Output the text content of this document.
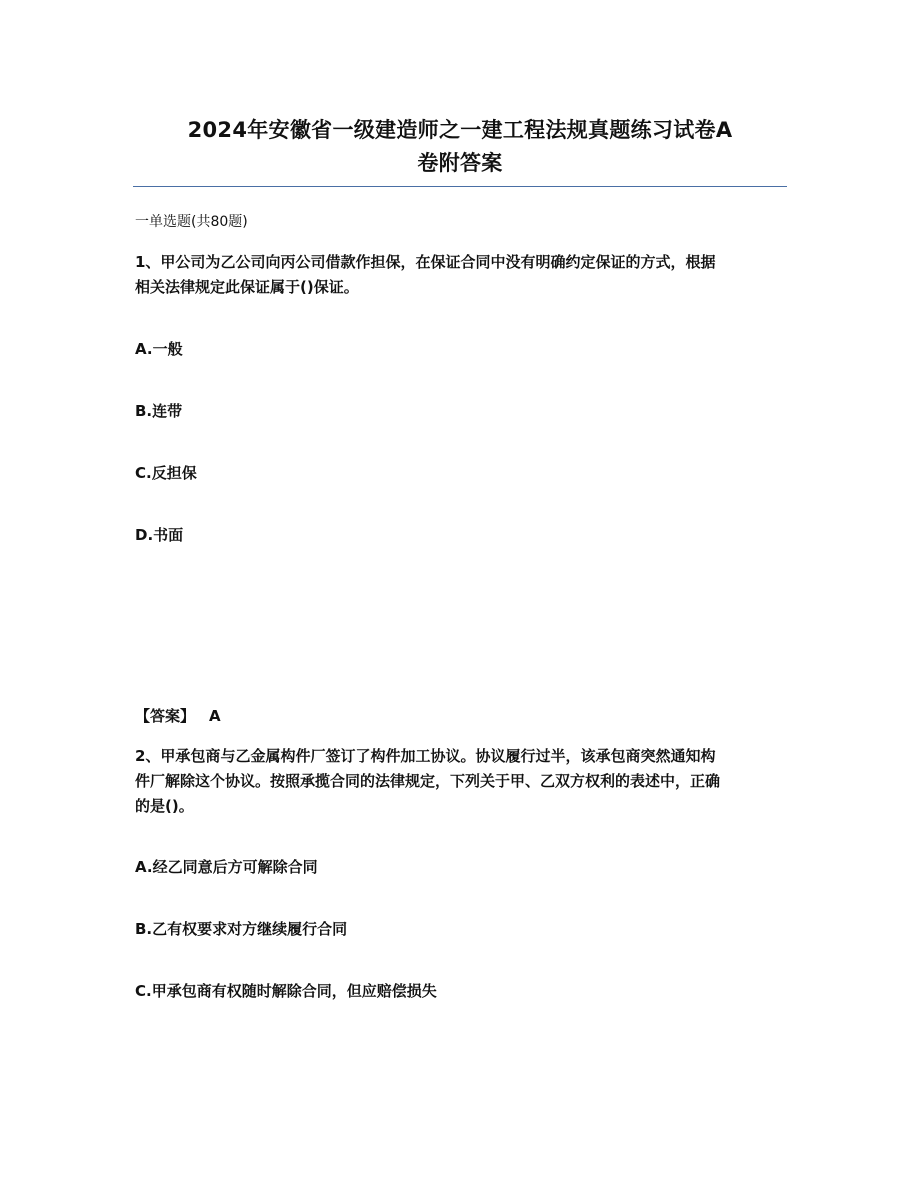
2024年安徽省一级建造师之一建工程法规真题练习试卷A
卷附答案
一单选题(共80题)
1、甲公司为乙公司向丙公司借款作担保，在保证合同中没有明确约定保证的方式，根据
相关法律规定此保证属于()保证。
A.一般
B.连带
C.反担保
D.书面
【答案】 A
2、甲承包商与乙金属构件厂签订了构件加工协议。协议履行过半，该承包商突然通知构
件厂解除这个协议。按照承揽合同的法律规定，下列关于甲、乙双方权利的表述中，正确
的是()。
A.经乙同意后方可解除合同
B.乙有权要求对方继续履行合同
C.甲承包商有权随时解除合同，但应赔偿损失
